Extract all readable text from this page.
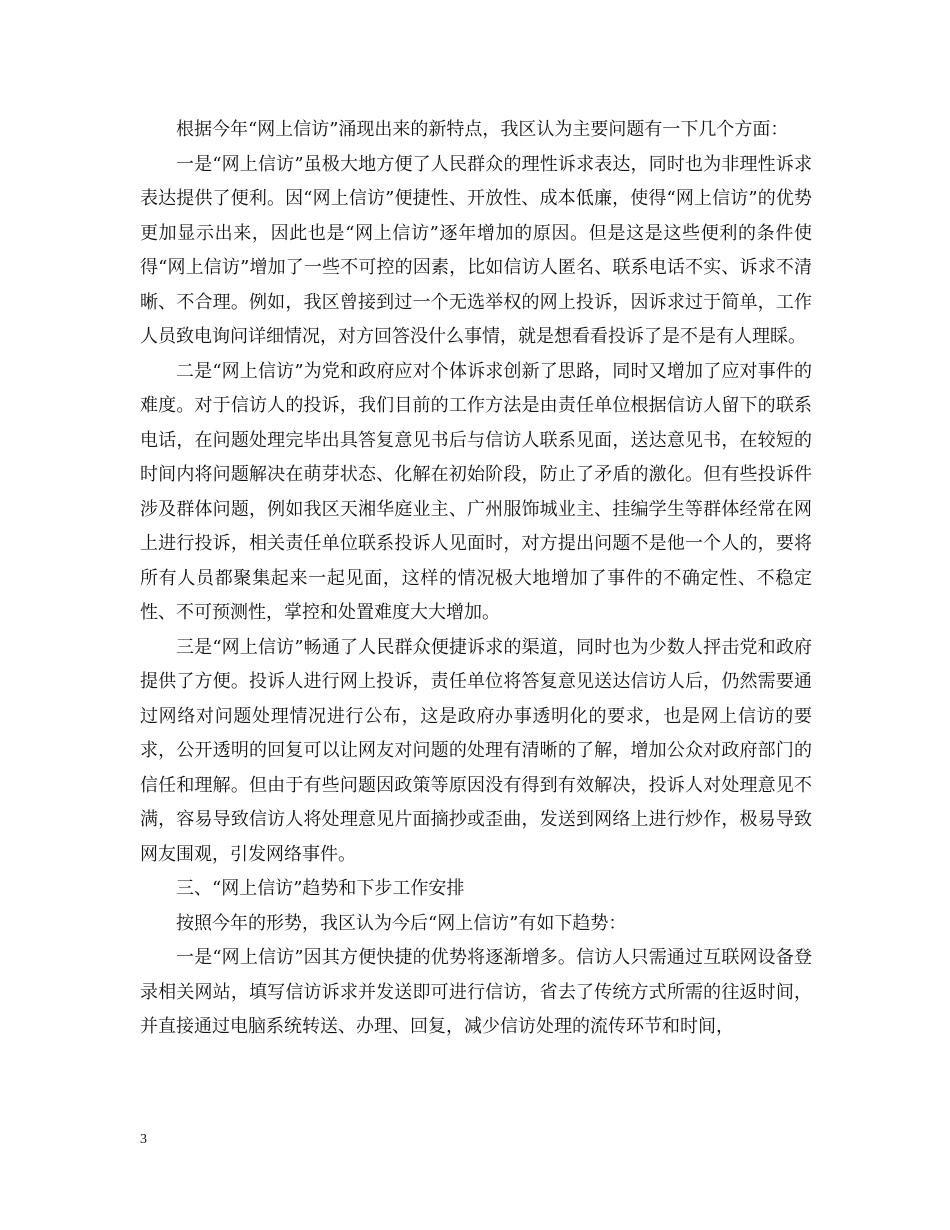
根据今年“网上信访”涌现出来的新特点，我区认为主要问题有一下几个方面：

一是“网上信访”虽极大地方便了人民群众的理性诉求表达，同时也为非理性诉求表达提供了便利。因“网上信访”便捷性、开放性、成本低廉，使得“网上信访”的优势更加显示出来，因此也是“网上信访”逐年增加的原因。但是这是这些便利的条件使得“网上信访”增加了一些不可控的因素，比如信访人匿名、联系电话不实、诉求不清晰、不合理。例如，我区曾接到过一个无选举权的网上投诉，因诉求过于简单，工作人员致电询问详细情况，对方回答没什么事情，就是想看看投诉了是不是有人理睬。

二是“网上信访”为党和政府应对个体诉求创新了思路，同时又增加了应对事件的难度。对于信访人的投诉，我们目前的工作方法是由责任单位根据信访人留下的联系电话，在问题处理完毕出具答复意见书后与信访人联系见面，送达意见书，在较短的时间内将问题解决在萌芽状态、化解在初始阶段，防止了矛盾的激化。但有些投诉件涉及群体问题，例如我区天湘华庭业主、广州服饰城业主、挂编学生等群体经常在网上进行投诉，相关责任单位联系投诉人见面时，对方提出问题不是他一个人的，要将所有人员都聚集起来一起见面，这样的情况极大地增加了事件的不确定性、不稳定性、不可预测性，掌控和处置难度大大增加。

三是“网上信访”畅通了人民群众便捷诉求的渠道，同时也为少数人抨击党和政府提供了方便。投诉人进行网上投诉，责任单位将答复意见送达信访人后，仍然需要通过网络对问题处理情况进行公布，这是政府办事透明化的要求，也是网上信访的要求，公开透明的回复可以让网友对问题的处理有清晰的了解，增加公众对政府部门的信任和理解。但由于有些问题因政策等原因没有得到有效解决，投诉人对处理意见不满，容易导致信访人将处理意见片面摘抄或歪曲，发送到网络上进行炒作，极易导致网友围观，引发网络事件。

三、“网上信访”趋势和下步工作安排

按照今年的形势，我区认为今后“网上信访”有如下趋势：

一是“网上信访”因其方便快捷的优势将逐渐增多。信访人只需通过互联网设备登录相关网站，填写信访诉求并发送即可进行信访，省去了传统方式所需的往返时间，并直接通过电脑系统转送、办理、回复，减少信访处理的流传环节和时间，

3
